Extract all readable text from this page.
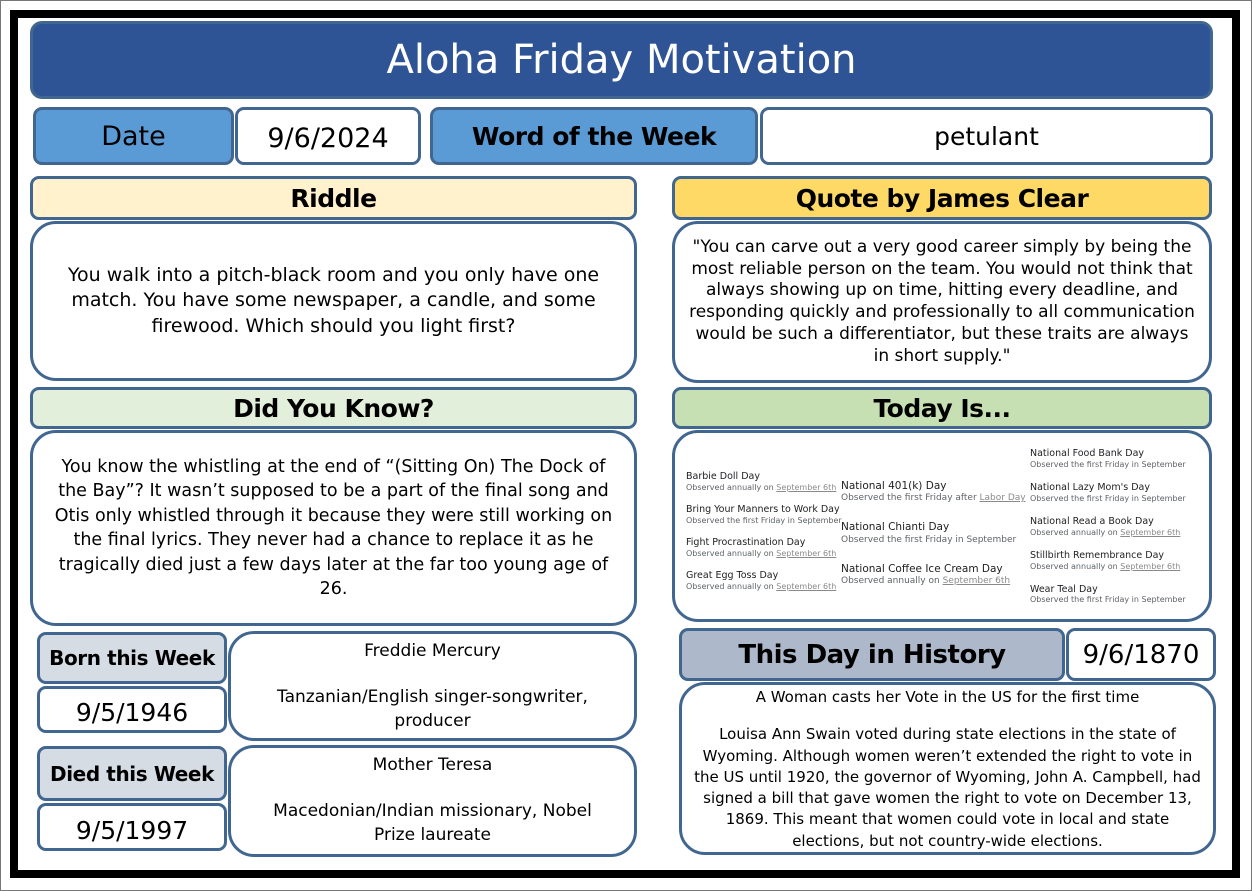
Aloha Friday Motivation
Date	9/6/2024	Word of the Week	petulant
Riddle
You walk into a pitch-black room and you only have one match. You have some newspaper, a candle, and some firewood. Which should you light first?
Quote by James Clear
"You can carve out a very good career simply by being the most reliable person on the team. You would not think that always showing up on time, hitting every deadline, and responding quickly and professionally to all communication would be such a differentiator, but these traits are always in short supply."
Did You Know?
You know the whistling at the end of “(Sitting On) The Dock of the Bay”? It wasn’t supposed to be a part of the final song and Otis only whistled through it because they were still working on the final lyrics. They never had a chance to replace it as he tragically died just a few days later at the far too young age of 26.
Today Is...
Barbie Doll Day
Observed annually on September 6th
Bring Your Manners to Work Day
Observed the first Friday in September
Fight Procrastination Day
Observed annually on September 6th
Great Egg Toss Day
Observed annually on September 6th
National 401(k) Day
Observed the first Friday after Labor Day
National Chianti Day
Observed the first Friday in September
National Coffee Ice Cream Day
Observed annually on September 6th
National Food Bank Day
Observed the first Friday in September
National Lazy Mom's Day
Observed the first Friday in September
National Read a Book Day
Observed annually on September 6th
Stillbirth Remembrance Day
Observed annually on September 6th
Wear Teal Day
Observed the first Friday in September
Born this Week
9/5/1946
Freddie Mercury
Tanzanian/English singer-songwriter, producer
Died this Week
9/5/1997
Mother Teresa
Macedonian/Indian missionary, Nobel Prize laureate
This Day in History	9/6/1870
A Woman casts her Vote in the US for the first time
Louisa Ann Swain voted during state elections in the state of Wyoming. Although women weren’t extended the right to vote in the US until 1920, the governor of Wyoming, John A. Campbell, had signed a bill that gave women the right to vote on December 13, 1869. This meant that women could vote in local and state elections, but not country-wide elections.
